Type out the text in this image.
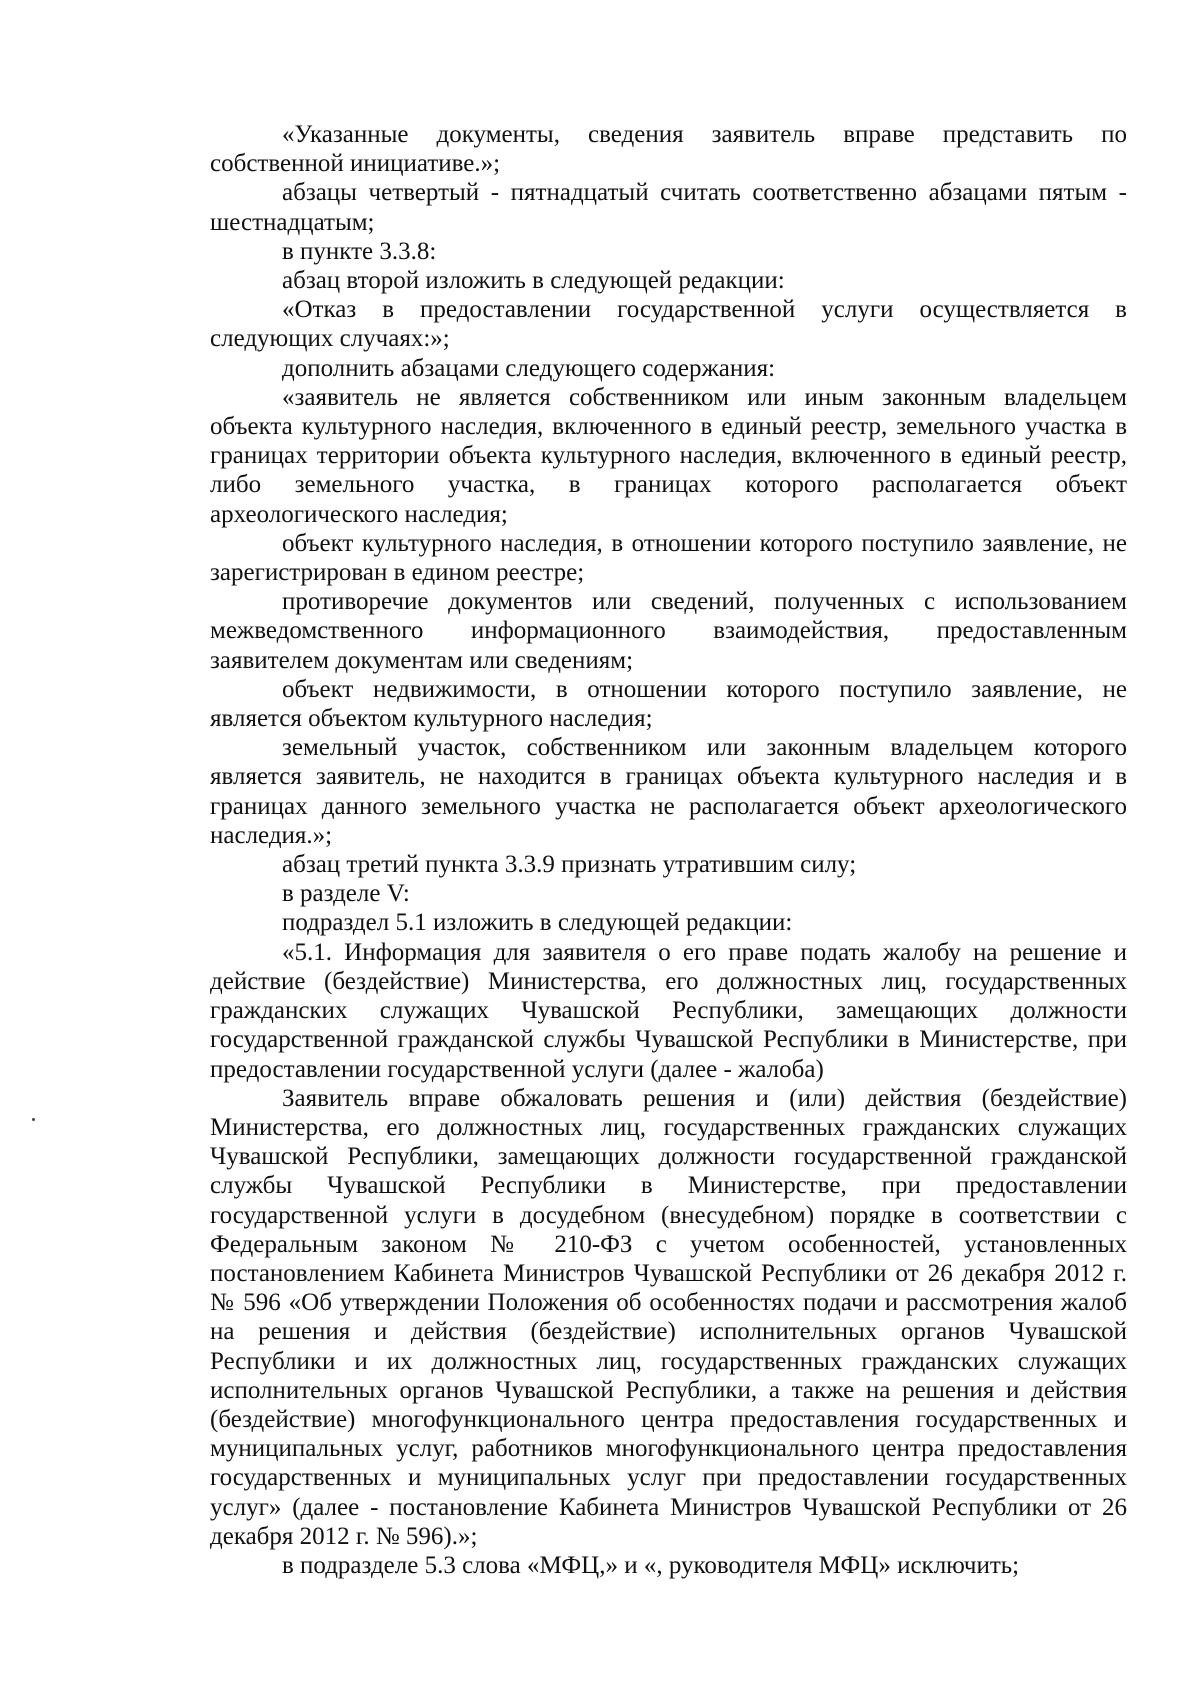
«Указанные документы, сведения заявитель вправе представить по собственной инициативе.»;

абзацы четвертый - пятнадцатый считать соответственно абзацами пятым - шестнадцатым;

в пункте 3.3.8:

абзац второй изложить в следующей редакции:

«Отказ в предоставлении государственной услуги осуществляется в следующих случаях:»;

дополнить абзацами следующего содержания:

«заявитель не является собственником или иным законным владельцем объекта культурного наследия, включенного в единый реестр, земельного участка в границах территории объекта культурного наследия, включенного в единый реестр, либо земельного участка, в границах которого располагается объект археологического наследия;

объект культурного наследия, в отношении которого поступило заявление, не зарегистрирован в едином реестре;

противоречие документов или сведений, полученных с использованием межведомственного информационного взаимодействия, предоставленным заявителем документам или сведениям;

объект недвижимости, в отношении которого поступило заявление, не является объектом культурного наследия;

земельный участок, собственником или законным владельцем которого является заявитель, не находится в границах объекта культурного наследия и в границах данного земельного участка не располагается объект археологического наследия.»;

абзац третий пункта 3.3.9 признать утратившим силу;

в разделе V:

подраздел 5.1 изложить в следующей редакции:

«5.1. Информация для заявителя о его праве подать жалобу на решение и действие (бездействие) Министерства, его должностных лиц, государственных гражданских служащих Чувашской Республики, замещающих должности государственной гражданской службы Чувашской Республики в Министерстве, при предоставлении государственной услуги (далее - жалоба)

Заявитель вправе обжаловать решения и (или) действия (бездействие) Министерства, его должностных лиц, государственных гражданских служащих Чувашской Республики, замещающих должности государственной гражданской службы Чувашской Республики в Министерстве, при предоставлении государственной услуги в досудебном (внесудебном) порядке в соответствии с Федеральным законом № 210-ФЗ с учетом особенностей, установленных постановлением Кабинета Министров Чувашской Республики от 26 декабря 2012 г. № 596 «Об утверждении Положения об особенностях подачи и рассмотрения жалоб на решения и действия (бездействие) исполнительных органов Чувашской Республики и их должностных лиц, государственных гражданских служащих исполнительных органов Чувашской Республики, а также на решения и действия (бездействие) многофункционального центра предоставления государственных и муниципальных услуг, работников многофункционального центра предоставления государственных и муниципальных услуг при предоставлении государственных услуг» (далее - постановление Кабинета Министров Чувашской Республики от 26 декабря 2012 г. № 596).»;

в подразделе 5.3 слова «МФЦ,» и «, руководителя МФЦ» исключить;
